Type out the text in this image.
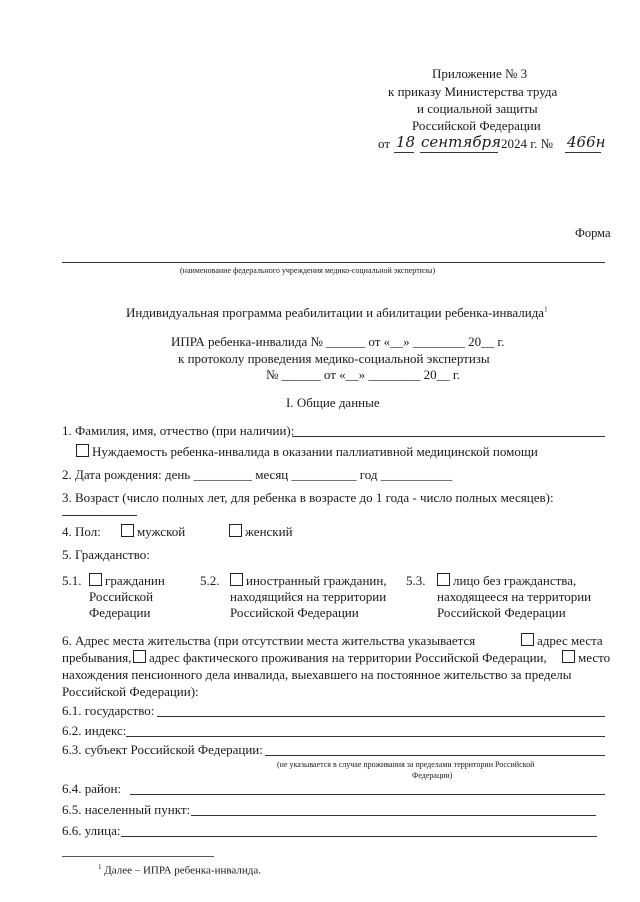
Приложение № 3
к приказу Министерства труда
и социальной защиты
Российской Федерации
от 18 сентября 2024 г. № 466н
Форма
(наименование федерального учреждения медико-социальной экспертизы)
Индивидуальная программа реабилитации и абилитации ребенка-инвалида$^1$
ИПРА ребенка-инвалида № ______ от «__» ________ 20__ г.
к протоколу проведения медико-социальной экспертизы
№ ______ от «__» ________ 20__ г.
I. Общие данные
1. Фамилия, имя, отчество (при наличии):
Нуждаемость ребенка-инвалида в оказании паллиативной медицинской помощи
2. Дата рождения: день _________ месяц __________ год ___________
3. Возраст (число полных лет, для ребенка в возрасте до 1 года - число полных месяцев):
4. Пол:	мужской	женский
5. Гражданство:
5.1.	гражданин
Российской
Федерации
5.2.	иностранный гражданин,
находящийся на территории
Российской Федерации
5.3.	лицо без гражданства,
находящееся на территории
Российской Федерации
6. Адрес места жительства (при отсутствии места жительства указывается	адрес места
пребывания,	адрес фактического проживания на территории Российской Федерации,	место
нахождения пенсионного дела инвалида, выехавшего на постоянное жительство за пределы
Российской Федерации):
6.1. государство:
6.2. индекс:
6.3. субъект Российской Федерации:
(не указывается в случае проживания за пределами территории Российской
Федерации)
6.4. район:
6.5. населенный пункт:
6.6. улица:
$^1$ Далее – ИПРА ребенка-инвалида.
